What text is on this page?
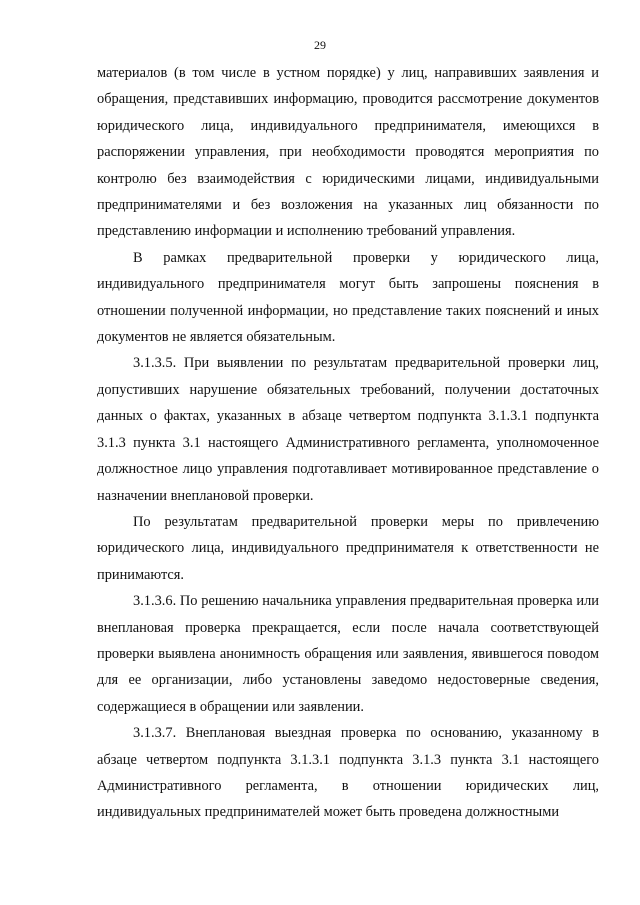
29

материалов (в том числе в устном порядке) у лиц, направивших заявления и обращения, представивших информацию, проводится рассмотрение документов юридического лица, индивидуального предпринимателя, имеющихся в распоряжении управления, при необходимости проводятся мероприятия по контролю без взаимодействия с юридическими лицами, индивидуальными предпринимателями и без возложения на указанных лиц обязанности по представлению информации и исполнению требований управления.

В рамках предварительной проверки у юридического лица, индивидуального предпринимателя могут быть запрошены пояснения в отношении полученной информации, но представление таких пояснений и иных документов не является обязательным.

3.1.3.5. При выявлении по результатам предварительной проверки лиц, допустивших нарушение обязательных требований, получении достаточных данных о фактах, указанных в абзаце четвертом подпункта 3.1.3.1 подпункта 3.1.3 пункта 3.1 настоящего Административного регламента, уполномоченное должностное лицо управления подготавливает мотивированное представление о назначении внеплановой проверки.

По результатам предварительной проверки меры по привлечению юридического лица, индивидуального предпринимателя к ответственности не принимаются.

3.1.3.6. По решению начальника управления предварительная проверка или внеплановая проверка прекращается, если после начала соответствующей проверки выявлена анонимность обращения или заявления, явившегося поводом для ее организации, либо установлены заведомо недостоверные сведения, содержащиеся в обращении или заявлении.

3.1.3.7. Внеплановая выездная проверка по основанию, указанному в абзаце четвертом подпункта 3.1.3.1 подпункта 3.1.3 пункта 3.1 настоящего Административного регламента, в отношении юридических лиц, индивидуальных предпринимателей может быть проведена должностными
